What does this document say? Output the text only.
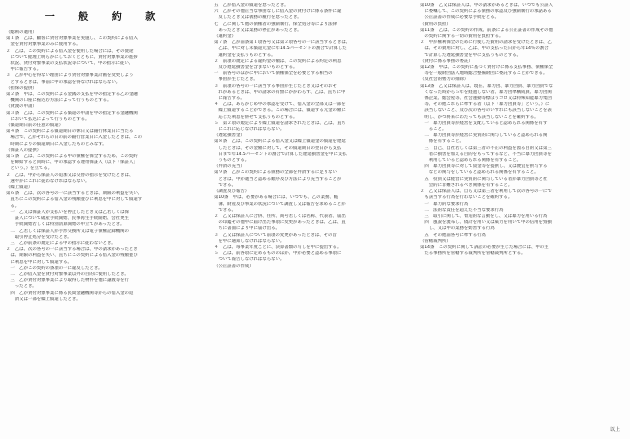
一 般 約 款
（総則の適用）
第１条　乙は、顧客に貸付対象事業を実施し、この契約による借入
　金を貸付対象事業のみに使用する。
２　乙は、この契約による借入金を使用した場合には、その使途
　について経理上明らかにしておくとともに、貸付対象事業の進捗
　状況、貸付対象事業の支払状況等について、甲の指示に従い、
　甲に報告する。
３　乙が中心を得ない理由により貸付対象事業計画を変更しよう
　とするときは、事前に甲の承認を得なければならない。
（担保の提供）
第２条　甲は、この契約による金銭の支払を甲の指定する乙の金融
　機関の口座に振込む方法によって行うものとする。
（貸渡の申請）
第３条　乙は、この契約による償還の申請を甲の指定する金融機関
　において払込によって行うものとする。
（償還期日前の任意の償還）
第４条　この契約による償還期日の休日又は銀行休業日に当たる
　場合で、乙がそれらの日の前の銀行営業日に入金したときは、この
　時期によりの償還期日に入金したものとみなす。
（保証人の提供）
第５条　乙は、この契約による甲の債権を保全するため、この契約
　を締結すると同時に、甲の承認する連帯保証人（以下「保証人」
　という。）を立てる。
２　乙は、甲から保証人の追加又は交替の指示を受けたときは、
　速やかにこれに従わなければならない。
（繰上償還）
第６条　乙は、次の各号の一に該当するときは、期限の利益を失い、
　直ちにこの契約による借入金の残額並びに利息を甲に対して償還す
　る。
　一　乙又は保証人が支払いを停止したとき又は乙若しくは保
　　証人について破産手続開始、民事再生手続開始、会社更生
　　手続開始若しくは特別清算開始の申立てがあったとき。
　二　乙若しくは保証人が手形交換所又は電子債権記録機関の
　　取引停止処分を受けたとき。
　三　乙が前条の規定による甲の指示に従わないとき。
２　乙は、次の各号の一に該当する場合は、甲の請求があったとき
　は、期限の利益を失い、直ちにこの契約による借入金の残額並び
　に利息を甲に対して償還する。
　一　乙がこの契約の条項の一に違反したとき。
　二　乙が借入金を貸付対象事業以外の目的に使用したとき。
　三　乙が貸付対象事業により取得した物件を他に譲渡等を行
　　ったとき。
　四　乙が貸付対象事業に係る民間金融機関等からの借入金の返
　　済又は一部を繰上償還したとき。
五　乙が借入金の償還を怠ったとき。
六　乙がその他正当な事由なしに借入金の貸付けに係る条件に違
　反したとき又は義務の履行を怠ったとき。
七　乙に関して他の債権者の強制執行、保全処分等により法律
　あったとき又は業務の停止があったとき。
（違約金）
第７条　乙が前条第１項各号又は第２項各号の一に該当するときは、
　乙は、甲に対し未償還元金に年14.5パーセントの割合で計算した
　違約金を支払うものとする。
２　前項の規定による違約金の額は、この契約による約定の利息
　及び遅延損害金を含まないものとする。
一　前各号のほかに甲において債権保全を必要とする相当の
　事由が生じたとき。
３　前項の各号の一に該当する事由が生じたとき又はそのおそ
　れがあるときは、甲の請求の有無にかかわらず、乙は、直ちに甲
　に報告する。
４　乙は、あらかじめ甲の承認を受けて、借入金の全部又は一部を
　繰上償還することができる。この場合には、償還する元金の額に
　応じた利息を併せて支払うものとする。
５　第２項の規定により繰上償還を請求されたときは、乙は、直ち
　にこれに応じなければならない。
（遅延損害金）
第８条　乙は、この契約による借入金又は繰上償還金の償還を遅延
　したときは、その金額に対して、その償還期日の翌日から支払
　日まで年14.5パーセントの割合で計算した遅延損害金を甲に支払
　うものとする。
（弁済の充当）
第９条　乙がこの契約による債務の全部を弁済するに足りない
　ときは、甲が適当と認める順序及び方法により充当することが
　できる。
（調査及び報告）
第10条　甲は、必要がある場合には、いつでも、乙の業務、帳
　簿、財産及び事業の状況について調査し又は報告を求めることが
　できる。
２　乙又は保証人に合併、住所、商号若しくは名称、代表者、届出
　の印鑑その他甲に届け出た事項に変更があったときは、乙は、直
　ちに書面により甲に届け出る。
３　乙又は保証人について前項の変更があったときは、その旨
　を甲に通知しなければならない。
４　乙は、毎事業年度ごとに、決算書類の写しを甲に提出する。
５　乙は、前各項に定めるもののほか、甲が必要と認める事項に
　ついて報告しなければならない。
（公正証書の作成）
第10条　乙又は保証人は、甲の請求があるときは、いつでも公証人
　に委嘱して、この契約による債務の承認及び強制執行の承諾ある
　公正証書の作成に必要な手続をとる。
（費用の負担）
第11条　乙は、この契約の作成、前条による公正証書の作成その他
　の契約に関する一切の費用を負担する。
２　甲が権利保全のために行使した費用の請求を受けたときは、乙
　は、その費用に対し、乙は、甲の支払った日から年14％の割合
　で計算した遅延損害金を甲に支払うものとする。
（貸付に係る事務の委託）
第12条　甲は、この契約に基づく貸付けに係る支払事務、債権保全
　等を一般財団法人地域総合整備財団に委託することができる。
（反社会的勢力の排除）
第13条　乙又は保証人は、現在、暴力団、暴力団員、暴力団員でな
　くなった時から５年を経過しない者、暴力団準構成員、暴力団関
　係企業、総会屋等、社会運動等標ぼうゴロ又は特殊知能暴力集団
　等、その他これらに準ずる者（以下「暴力団員等」という。）に
　該当しないこと、及び次の各号のいずれにも該当しないことを表
　明し、かつ将来にわたっても該当しないことを確約する。
　一　暴力団員等が経営を支配していると認められる関係を有す
　　ること。
　二　暴力団員等が経営に実質的に関与していると認められる関
　　係を有すること。
　三　自己、自社若しくは第三者の不正の利益を図る目的又は第三
　　者に損害を加える目的をもってするなど、不当に暴力団員等を
　　利用していると認められる関係を有すること。
　四　暴力団員等に対して資金等を提供し、又は便宜を供与する
　　などの関与をしていると認められる関係を有すること。
　五　役員又は経営に実質的に関与している者が暴力団員等と社
　　会的に非難されるべき関係を有すること。
２　乙又は保証人は、自ら又は第三者を利用して次の各号の一にで
　も該当する行為を行わないことを確約する。
　一　暴力的な要求行為
　二　法的な責任を超えた不当な要求行為
　三　取引に関して、脅迫的な言動をし、又は暴力を用いる行為
　四　風説を流布し、偽計を用い又は威力を用いて甲の信用を毀損
　　し、又は甲の業務を妨害する行為
　五　その他前各号に準ずる行為
（管轄裁判所）
第14条　この契約に関して訴訟の必要が生じた場合には、甲の主
　たる事務所を管轄する裁判所を管轄裁判所とする。
以上
